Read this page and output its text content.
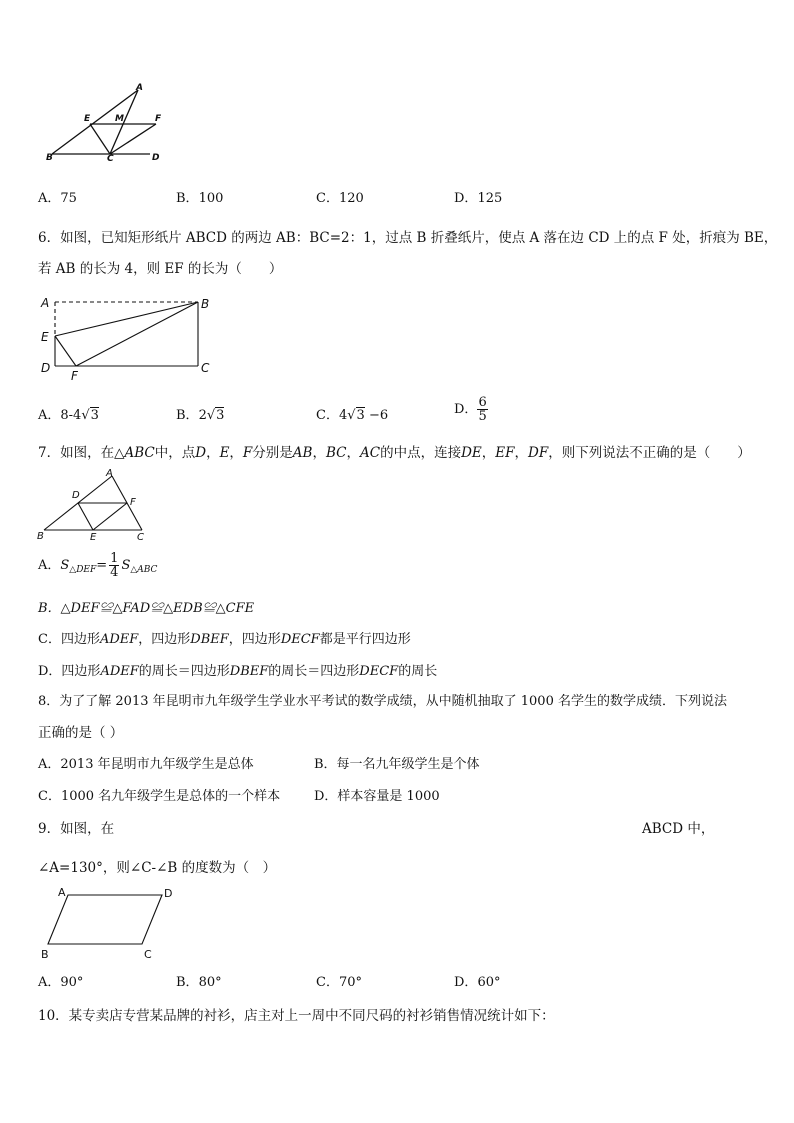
A
E	M	F
B	C	D
A．75	B．100	C．120	D．125
6．如图，已知矩形纸片 ABCD 的两边 AB：BC=2：1，过点 B 折叠纸片，使点 A 落在边 CD 上的点 F 处，折痕为 BE，
若 AB 的长为 4，则 EF 的长为（　　）
A	B
E
D
F
C
A．8-4√3	B．2√3	C．4√3 −6	D． $\frac{6}{5}$
7．如图，在△ABC中，点D，E，F分别是AB，BC，AC的中点，连接DE，EF，DF，则下列说法不正确的是（　　）
A
D
F
B	E	C
A．$S_{\triangle DEF}= \frac{1}{4} S_{\triangle ABC}$
B．△DEF≌△FAD≌△EDB≌△CFE
C．四边形ADEF，四边形DBEF，四边形DECF都是平行四边形
D．四边形ADEF的周长＝四边形DBEF的周长＝四边形DECF的周长
8．为了了解 2013 年昆明市九年级学生学业水平考试的数学成绩，从中随机抽取了 1000 名学生的数学成绩．下列说法
正确的是（ ）
A．2013 年昆明市九年级学生是总体	B．每一名九年级学生是个体
C．1000 名九年级学生是总体的一个样本	D．样本容量是 1000
9．如图，在	ABCD 中，
∠A=130°，则∠C-∠B 的度数为（　）
A	D
B	C
A．90°	B．80°	C．70°	D．60°
10．某专卖店专营某品牌的衬衫，店主对上一周中不同尺码的衬衫销售情况统计如下：
